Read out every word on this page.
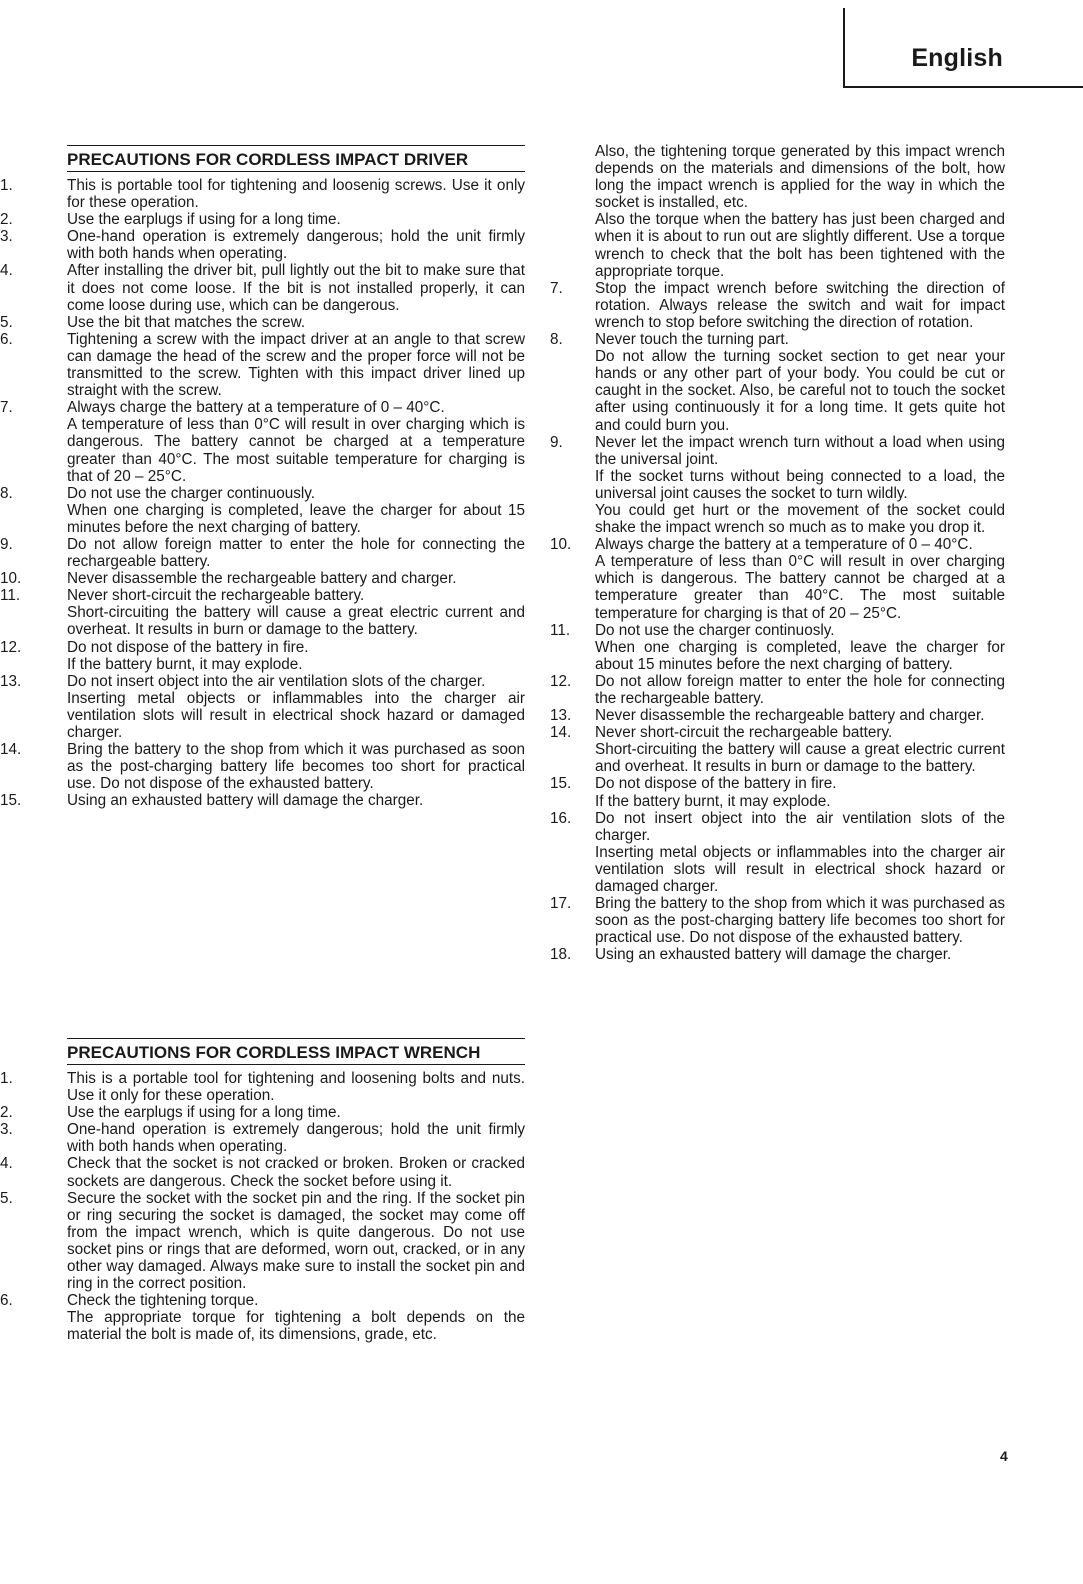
English
PRECAUTIONS FOR CORDLESS IMPACT DRIVER
1.	This is portable tool for tightening and loosenig screws. Use it only for these operation.

2.	Use the earplugs if using for a long time.

3.	One-hand operation is extremely dangerous; hold the unit firmly with both hands when operating.

4.	After installing the driver bit, pull lightly out the bit to make sure that it does not come loose. If the bit is not installed properly, it can come loose during use, which can be dangerous.

5.	Use the bit that matches the screw.

6.	Tightening a screw with the impact driver at an angle to that screw can damage the head of the screw and the proper force will not be transmitted to the screw. Tighten with this impact driver lined up straight with the screw.

7.	Always charge the battery at a temperature of 0 – 40°C.

A temperature of less than 0°C will result in over charging which is dangerous. The battery cannot be charged at a temperature greater than 40°C. The most suitable temperature for charging is that of 20 – 25°C.

8.	Do not use the charger continuously.

When one charging is completed, leave the charger for about 15 minutes before the next charging of battery.

9.	Do not allow foreign matter to enter the hole for connecting the rechargeable battery.

10.	Never disassemble the rechargeable battery and charger.

11.	Never short-circuit the rechargeable battery.

Short-circuiting the battery will cause a great electric current and overheat. It results in burn or damage to the battery.

12.	Do not dispose of the battery in fire.

If the battery burnt, it may explode.

13.	Do not insert object into the air ventilation slots of the charger.

Inserting metal objects or inflammables into the charger air ventilation slots will result in electrical shock hazard or damaged charger.

14.	Bring the battery to the shop from which it was purchased as soon as the post-charging battery life becomes too short for practical use. Do not dispose of the exhausted battery.

15.	Using an exhausted battery will damage the charger.

PRECAUTIONS FOR CORDLESS IMPACT WRENCH
1.	This is a portable tool for tightening and loosening bolts and nuts. Use it only for these operation.

2.	Use the earplugs if using for a long time.

3.	One-hand operation is extremely dangerous; hold the unit firmly with both hands when operating.

4.	Check that the socket is not cracked or broken. Broken or cracked sockets are dangerous. Check the socket before using it.

5.	Secure the socket with the socket pin and the ring. If the socket pin or ring securing the socket is damaged, the socket may come off from the impact wrench, which is quite dangerous. Do not use socket pins or rings that are deformed, worn out, cracked, or in any other way damaged. Always make sure to install the socket pin and ring in the correct position.

6.	Check the tightening torque.

The appropriate torque for tightening a bolt depends on the material the bolt is made of, its dimensions, grade, etc.

Also, the tightening torque generated by this impact wrench depends on the materials and dimensions of the bolt, how long the impact wrench is applied for the way in which the socket is installed, etc.

Also the torque when the battery has just been charged and when it is about to run out are slightly different. Use a torque wrench to check that the bolt has been tightened with the appropriate torque.

7.	Stop the impact wrench before switching the direction of rotation. Always release the switch and wait for impact wrench to stop before switching the direction of rotation.

8.	Never touch the turning part.

Do not allow the turning socket section to get near your hands or any other part of your body. You could be cut or caught in the socket. Also, be careful not to touch the socket after using continuously it for a long time. It gets quite hot and could burn you.

9.	Never let the impact wrench turn without a load when using the universal joint.

If the socket turns without being connected to a load, the universal joint causes the socket to turn wildly.

You could get hurt or the movement of the socket could shake the impact wrench so much as to make you drop it.

10.	Always charge the battery at a temperature of 0 – 40°C.

A temperature of less than 0°C will result in over charging which is dangerous. The battery cannot be charged at a temperature greater than 40°C. The most suitable temperature for charging is that of 20 – 25°C.

11.	Do not use the charger continuosly.

When one charging is completed, leave the charger for about 15 minutes before the next charging of battery.

12.	Do not allow foreign matter to enter the hole for connecting the rechargeable battery.

13.	Never disassemble the rechargeable battery and charger.

14.	Never short-circuit the rechargeable battery.

Short-circuiting the battery will cause a great electric current and overheat. It results in burn or damage to the battery.

15.	Do not dispose of the battery in fire.

If the battery burnt, it may explode.

16.	Do not insert object into the air ventilation slots of the charger.

Inserting metal objects or inflammables into the charger air ventilation slots will result in electrical shock hazard or damaged charger.

17.	Bring the battery to the shop from which it was purchased as soon as the post-charging battery life becomes too short for practical use. Do not dispose of the exhausted battery.

18.	Using an exhausted battery will damage the charger.

4
